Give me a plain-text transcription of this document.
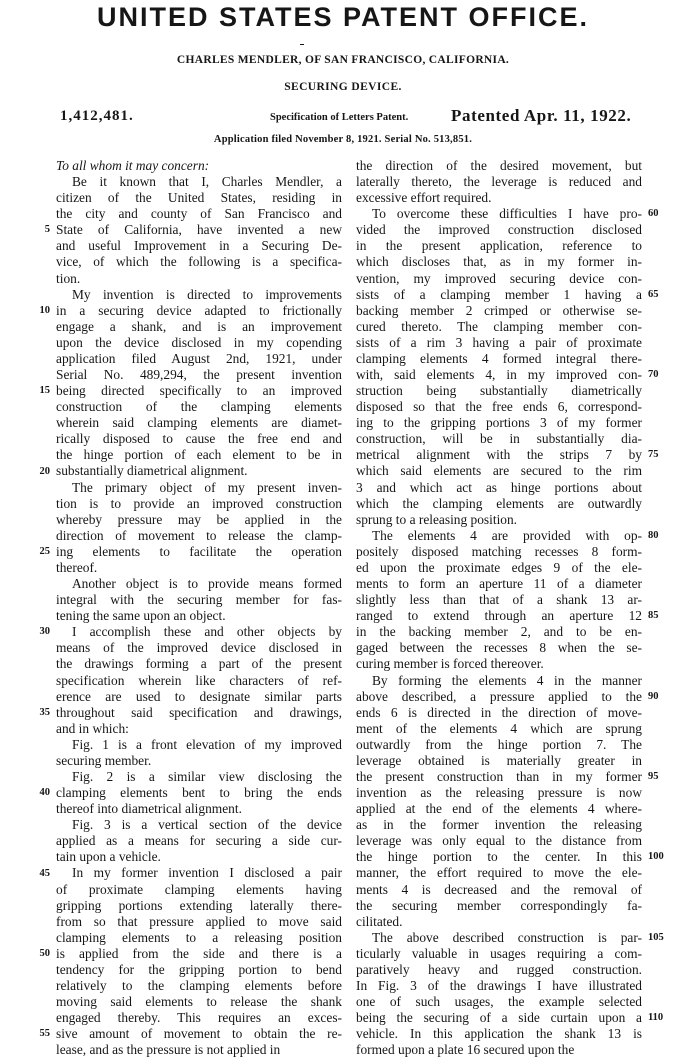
UNITED STATES PATENT OFFICE.
CHARLES MENDLER, OF SAN FRANCISCO, CALIFORNIA.
SECURING DEVICE.
1,412,481.	Specification of Letters Patent.	Patented Apr. 11, 1922.
Application filed November 8, 1921. Serial No. 513,851.
To all whom it may concern:
Be it known that I, Charles Mendler, a
citizen of the United States, residing in
the city and county of San Francisco and
State of California, have invented a new
and useful Improvement in a Securing De-
vice, of which the following is a specifica-
tion.
My invention is directed to improvements
in a securing device adapted to frictionally
engage a shank, and is an improvement
upon the device disclosed in my copending
application filed August 2nd, 1921, under
Serial No. 489,294, the present invention
being directed specifically to an improved
construction of the clamping elements
wherein said clamping elements are diamet-
rically disposed to cause the free end and
the hinge portion of each element to be in
substantially diametrical alignment.
The primary object of my present inven-
tion is to provide an improved construction
whereby pressure may be applied in the
direction of movement to release the clamp-
ing elements to facilitate the operation
thereof.
Another object is to provide means formed
integral with the securing member for fas-
tening the same upon an object.
I accomplish these and other objects by
means of the improved device disclosed in
the drawings forming a part of the present
specification wherein like characters of ref-
erence are used to designate similar parts
throughout said specification and drawings,
and in which:
Fig. 1 is a front elevation of my improved
securing member.
Fig. 2 is a similar view disclosing the
clamping elements bent to bring the ends
thereof into diametrical alignment.
Fig. 3 is a vertical section of the device
applied as a means for securing a side cur-
tain upon a vehicle.
In my former invention I disclosed a pair
of proximate clamping elements having
gripping portions extending laterally there-
from so that pressure applied to move said
clamping elements to a releasing position
is applied from the side and there is a
tendency for the gripping portion to bend
relatively to the clamping elements before
moving said elements to release the shank
engaged thereby. This requires an exces-
sive amount of movement to obtain the re-
lease, and as the pressure is not applied in
the direction of the desired movement, but
laterally thereto, the leverage is reduced and
excessive effort required.
To overcome these difficulties I have pro-
vided the improved construction disclosed
in the present application, reference to
which discloses that, as in my former in-
vention, my improved securing device con-
sists of a clamping member 1 having a
backing member 2 crimped or otherwise se-
cured thereto. The clamping member con-
sists of a rim 3 having a pair of proximate
clamping elements 4 formed integral there-
with, said elements 4, in my improved con-
struction being substantially diametrically
disposed so that the free ends 6, correspond-
ing to the gripping portions 3 of my former
construction, will be in substantially dia-
metrical alignment with the strips 7 by
which said elements are secured to the rim
3 and which act as hinge portions about
which the clamping elements are outwardly
sprung to a releasing position.
The elements 4 are provided with op-
positely disposed matching recesses 8 form-
ed upon the proximate edges 9 of the ele-
ments to form an aperture 11 of a diameter
slightly less than that of a shank 13 ar-
ranged to extend through an aperture 12
in the backing member 2, and to be en-
gaged between the recesses 8 when the se-
curing member is forced thereover.
By forming the elements 4 in the manner
above described, a pressure applied to the
ends 6 is directed in the direction of move-
ment of the elements 4 which are sprung
outwardly from the hinge portion 7. The
leverage obtained is materially greater in
the present construction than in my former
invention as the releasing pressure is now
applied at the end of the elements 4 where-
as in the former invention the releasing
leverage was only equal to the distance from
the hinge portion to the center. In this
manner, the effort required to move the ele-
ments 4 is decreased and the removal of
the securing member correspondingly fa-
cilitated.
The above described construction is par-
ticularly valuable in usages requiring a com-
paratively heavy and rugged construction.
In Fig. 3 of the drawings I have illustrated
one of such usages, the example selected
being the securing of a side curtain upon a
vehicle. In this application the shank 13 is
formed upon a plate 16 secured upon the
5
10
15
20
25
30
35
40
45
50
55
60
65
70
75
80
85
90
95
100
105
110
